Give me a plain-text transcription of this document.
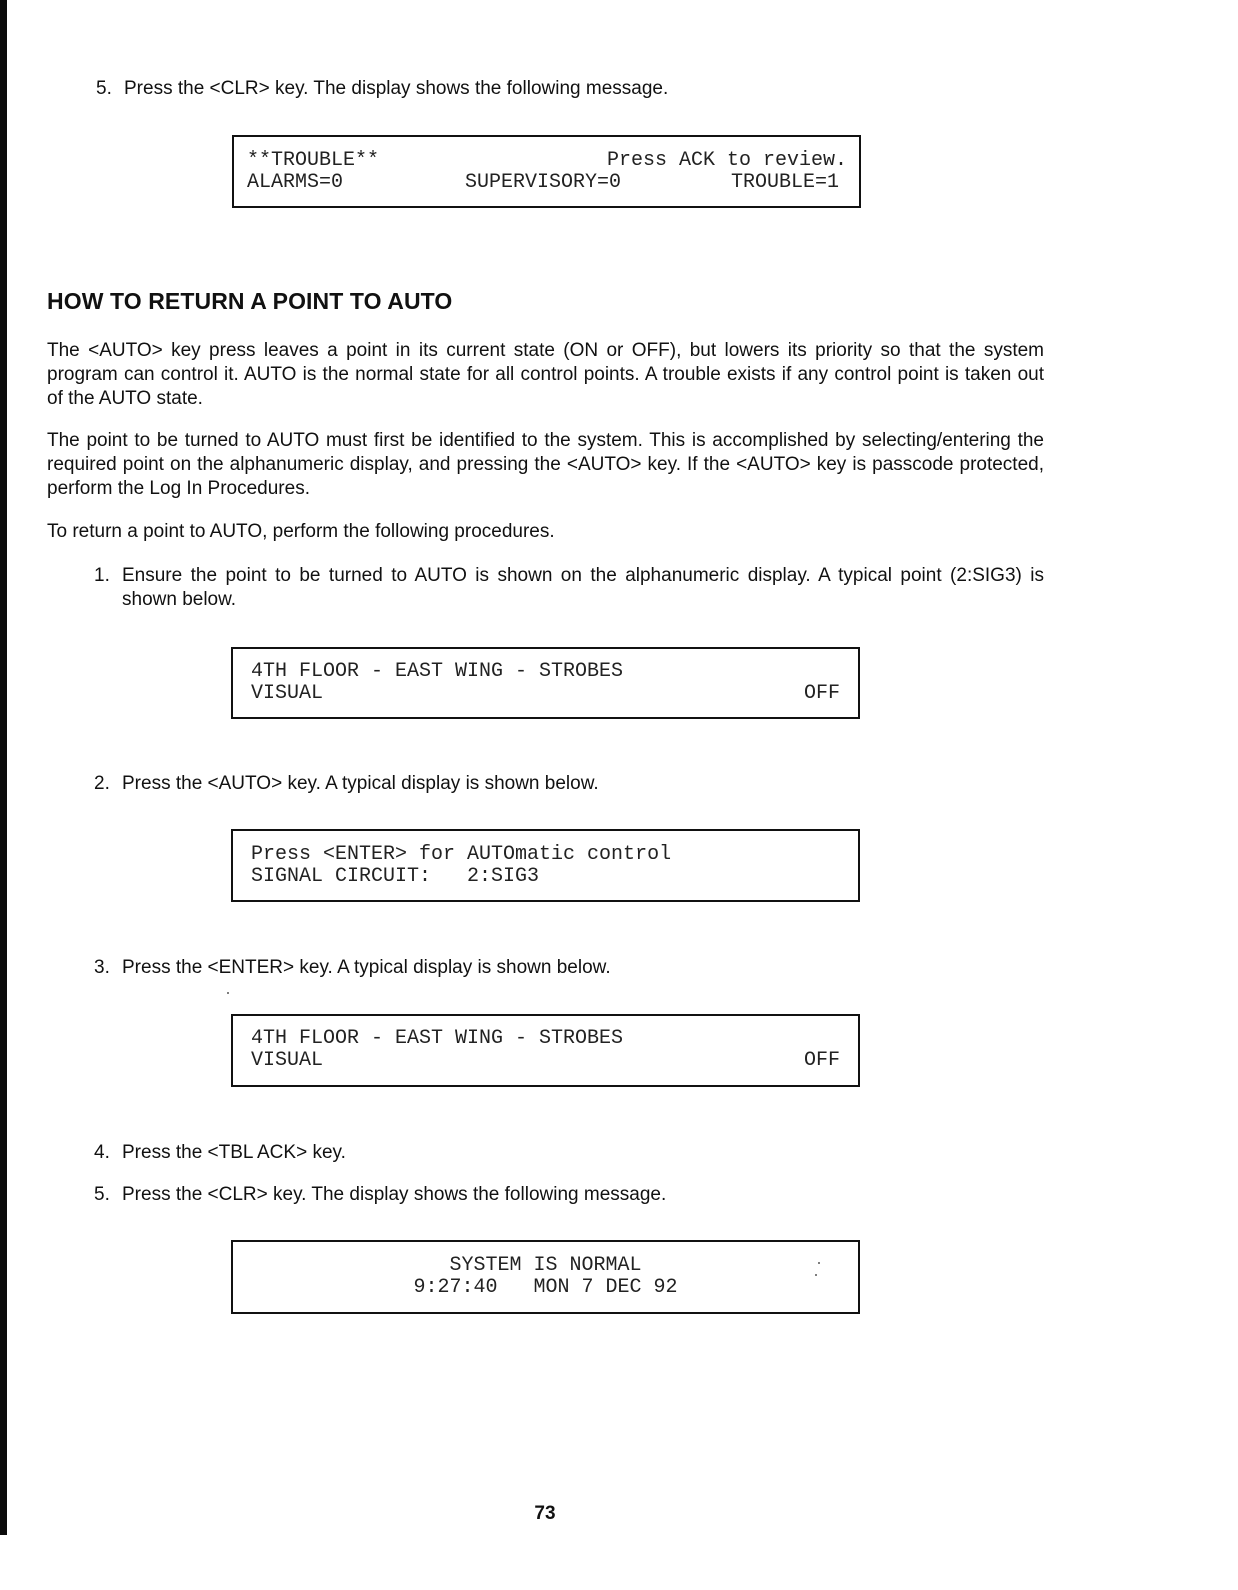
5. Press the <CLR> key. The display shows the following message.
**TROUBLE**	Press ACK to review.
ALARMS=0	SUPERVISORY=0	TROUBLE=1
HOW TO RETURN A POINT TO AUTO

The <AUTO> key press leaves a point in its current state (ON or OFF), but lowers its priority so that the system program can control it. AUTO is the normal state for all control points. A trouble exists if any control point is taken out of the AUTO state.

The point to be turned to AUTO must first be identified to the system. This is accomplished by selecting/entering the required point on the alphanumeric display, and pressing the <AUTO> key. If the <AUTO> key is passcode protected, perform the Log In Procedures.

To return a point to AUTO, perform the following procedures.

1. Ensure the point to be turned to AUTO is shown on the alphanumeric display. A typical point (2:SIG3) is shown below.
4TH FLOOR - EAST WING - STROBES
VISUAL	OFF
2. Press the <AUTO> key. A typical display is shown below.
Press <ENTER> for AUTOmatic control
SIGNAL CIRCUIT:   2:SIG3
3. Press the <ENTER> key. A typical display is shown below.
4TH FLOOR - EAST WING - STROBES
VISUAL	OFF
4. Press the <TBL ACK> key.
5. Press the <CLR> key. The display shows the following message.
SYSTEM IS NORMAL
9:27:40   MON 7 DEC 92
73
